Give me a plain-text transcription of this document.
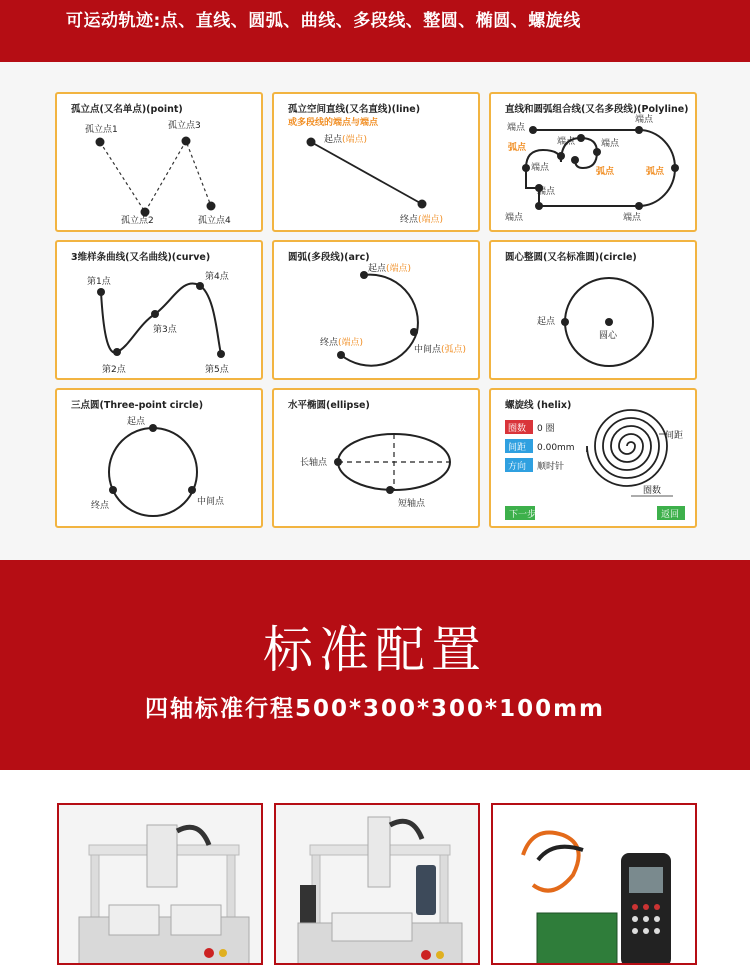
可运动轨迹:点、直线、圆弧、曲线、多段线、整圆、椭圆、螺旋线
孤立点(又名单点)(point)
孤立点1
孤立点2
孤立点3
孤立点4
孤立空间直线(又名直线)(line)
或多段线的端点与端点
起点(端点)
终点(端点)
直线和圆弧组合线(又名多段线)(Polyline)
端点
端点
端点
端点
端点
端点
端点
弧点
弧点	弧点
端点
3维样条曲线(又名曲线)(curve)
第1点
第2点
第3点
第4点
第5点
圆弧(多段线)(arc)
起点(端点)
中间点(弧点)
终点(端点)
圆心整圆(又名标准圆)(circle)
起点
圆心
三点圆(Three-point circle)
起点
终点	中间点
水平椭圆(ellipse)
长轴点
短轴点
螺旋线 (helix)
圈数 0 圈
间距 0.00mm
方向 顺时针
间距
圈数
下一步	返回
标准配置
四轴标准行程500*300*300*100mm
